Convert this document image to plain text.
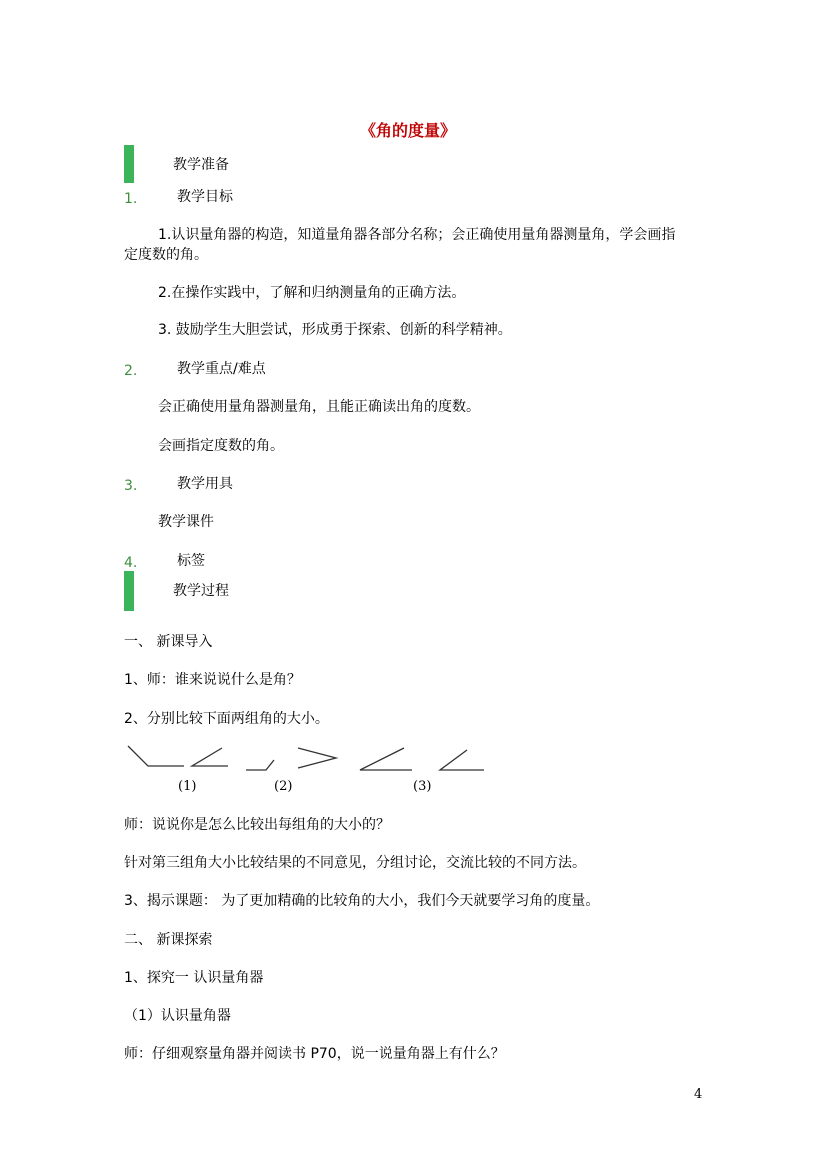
《角的度量》
教学准备
1.	教学目标
1.认识量角器的构造，知道量角器各部分名称；会正确使用量角器测量角，学会画指
定度数的角。
2.在操作实践中，了解和归纳测量角的正确方法。
3. 鼓励学生大胆尝试，形成勇于探索、创新的科学精神。
2.	教学重点/难点
会正确使用量角器测量角，且能正确读出角的度数。
会画指定度数的角。
3.	教学用具
教学课件
4.	标签
教学过程
一、 新课导入
1、师：谁来说说什么是角？
2、分别比较下面两组角的大小。
(1)	(2)	(3)
师：说说你是怎么比较出每组角的大小的？
针对第三组角大小比较结果的不同意见，分组讨论，交流比较的不同方法。
3、揭示课题： 为了更加精确的比较角的大小，我们今天就要学习角的度量。
二、 新课探索
1、探究一 认识量角器
（1）认识量角器
师：仔细观察量角器并阅读书 P70，说一说量角器上有什么？
4
